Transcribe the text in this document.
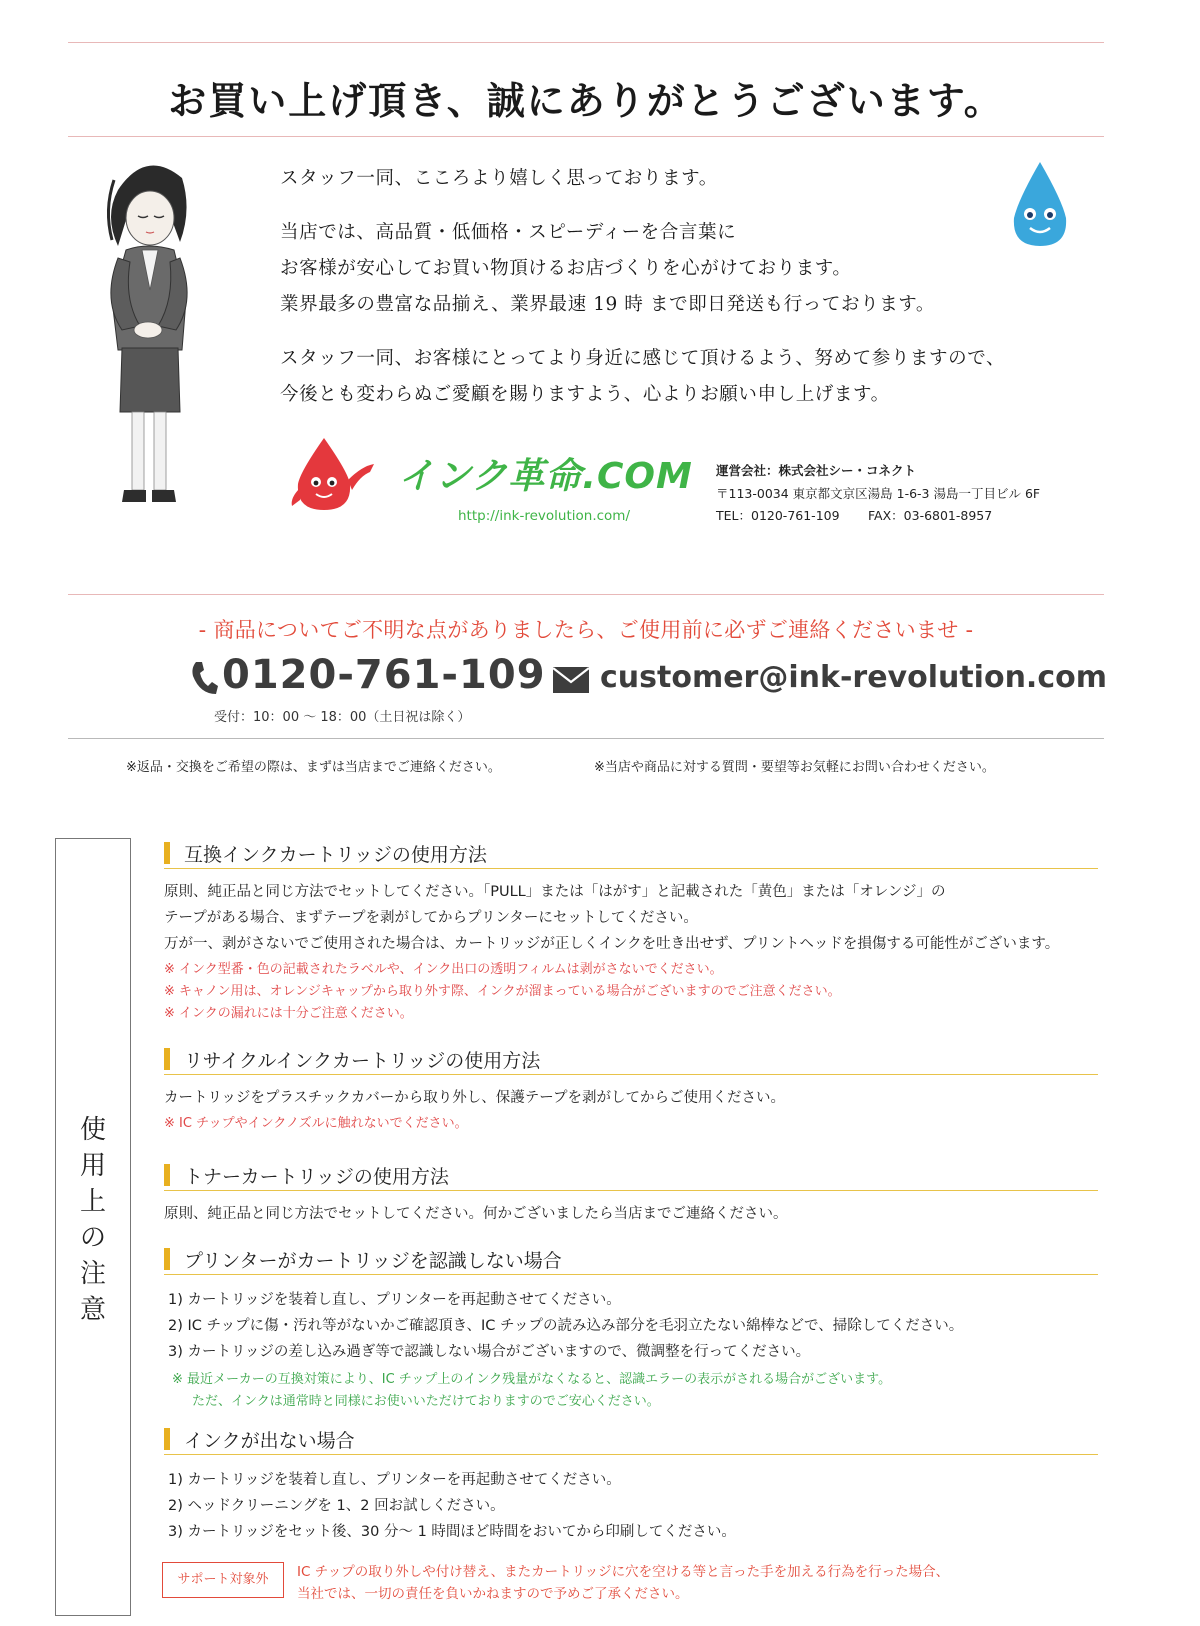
お買い上げ頂き、誠にありがとうございます。
スタッフ一同、こころより嬉しく思っております。
当店では、高品質・低価格・スピーディーを合言葉に
お客様が安心してお買い物頂けるお店づくりを心がけております。
業界最多の豊富な品揃え、業界最速 19 時 まで即日発送も行っております。
スタッフ一同、お客様にとってより身近に感じて頂けるよう、努めて参りますので、
今後とも変わらぬご愛顧を賜りますよう、心よりお願い申し上げます。
インク革命.COM
http://ink-revolution.com/
運営会社：株式会社シー・コネクト
〒113-0034 東京都文京区湯島 1-6-3 湯島一丁目ビル 6F
TEL：0120-761-109 FAX：03-6801-8957
- 商品についてご不明な点がありましたら、ご使用前に必ずご連絡くださいませ -
0120-761-109
受付：10：00 〜 18：00（土日祝は除く）
customer@ink-revolution.com
※返品・交換をご希望の際は、まずは当店までご連絡ください。	※当店や商品に対する質問・要望等お気軽にお問い合わせください。
使
用
上
の
注
意
互換インクカートリッジの使用方法
原則、純正品と同じ方法でセットしてください。「PULL」または「はがす」と記載された「黄色」または「オレンジ」の
テープがある場合、まずテープを剥がしてからプリンターにセットしてください。
万が一、剥がさないでご使用された場合は、カートリッジが正しくインクを吐き出せず、プリントヘッドを損傷する可能性がございます。
※ インク型番・色の記載されたラベルや、インク出口の透明フィルムは剥がさないでください。
※ キャノン用は、オレンジキャップから取り外す際、インクが溜まっている場合がございますのでご注意ください。
※ インクの漏れには十分ご注意ください。
リサイクルインクカートリッジの使用方法
カートリッジをプラスチックカバーから取り外し、保護テープを剥がしてからご使用ください。
※ IC チップやインクノズルに触れないでください。
トナーカートリッジの使用方法
原則、純正品と同じ方法でセットしてください。何かございましたら当店までご連絡ください。
プリンターがカートリッジを認識しない場合
1) カートリッジを装着し直し、プリンターを再起動させてください。
2) IC チップに傷・汚れ等がないかご確認頂き、IC チップの読み込み部分を毛羽立たない綿棒などで、掃除してください。
3) カートリッジの差し込み過ぎ等で認識しない場合がございますので、微調整を行ってください。
※ 最近メーカーの互換対策により、IC チップ上のインク残量がなくなると、認識エラーの表示がされる場合がございます。
ただ、インクは通常時と同様にお使いいただけておりますのでご安心ください。
インクが出ない場合
1) カートリッジを装着し直し、プリンターを再起動させてください。
2) ヘッドクリーニングを 1、2 回お試しください。
3) カートリッジをセット後、30 分〜 1 時間ほど時間をおいてから印刷してください。
サポート対象外	IC チップの取り外しや付け替え、またカートリッジに穴を空ける等と言った手を加える行為を行った場合、
当社では、一切の責任を負いかねますので予めご了承ください。
